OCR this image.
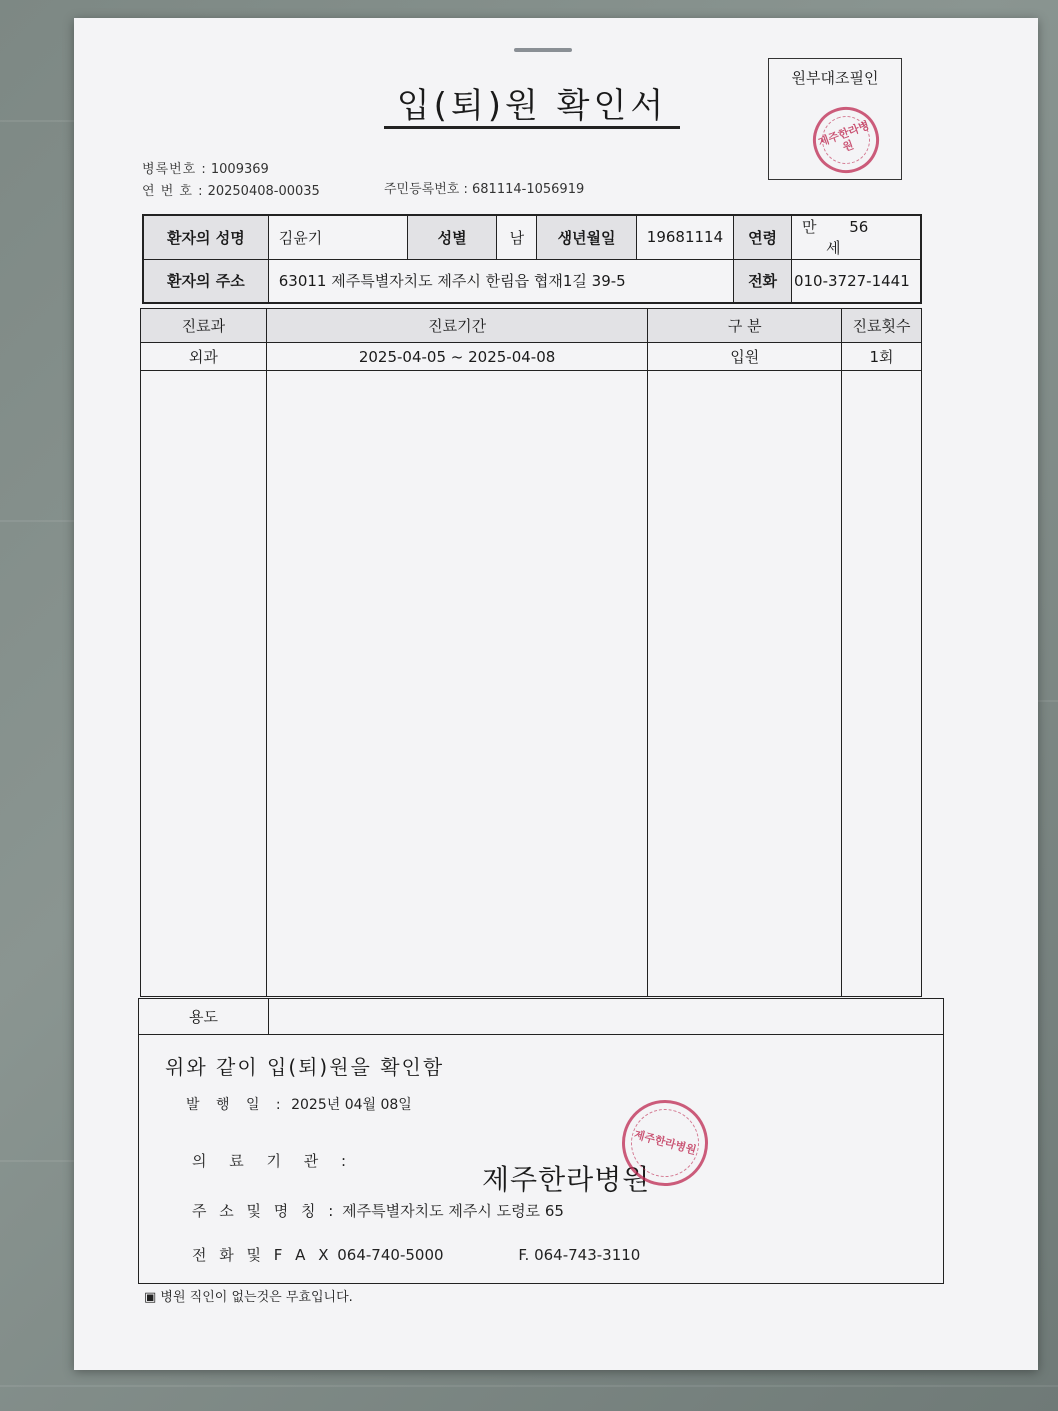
입(퇴)원 확인서
원부대조필인
제주한라병원
병록번호 : 1009369
연 번 호 : 20250408-00035	주민등록번호 : 681114-1056919
환자의 성명	김윤기	성별	남	생년월일	19681114	연령	만 56 세
환자의 주소	63011 제주특별자치도 제주시 한림읍 협재1길 39-5					전화	010-3727-1441
진료과	진료기간	구 분	진료횟수
외과	2025-04-05 ~ 2025-04-08	입원	1회

용도
위와 같이 입(퇴)원을 확인함
발 행 일 : 2025년 04월 08일
의 료 기 관 :
제주한라병원
제주한라병원
주 소 및 명 칭 : 제주특별자치도 제주시 도령로 65
전 화 및 F A X 064-740-5000	F. 064-743-3110
▣ 병원 직인이 없는것은 무효입니다.
